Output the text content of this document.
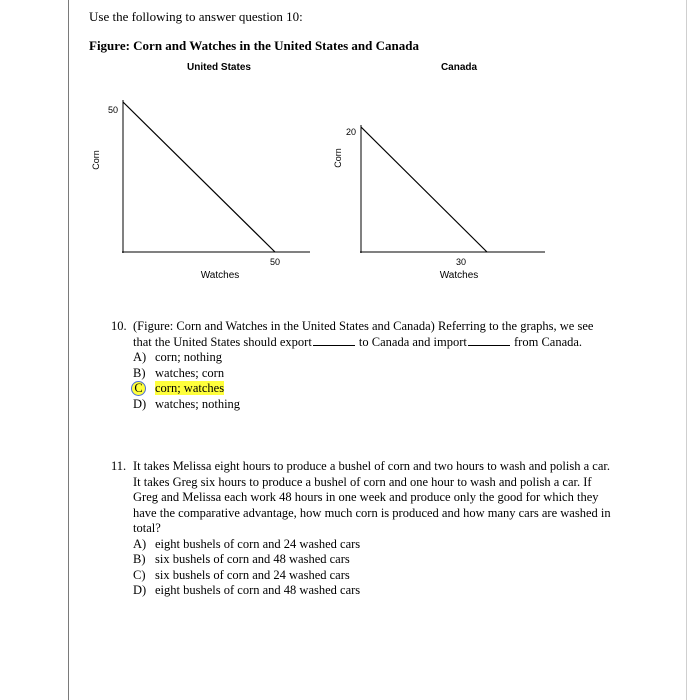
Use the following to answer question 10:
Figure: Corn and Watches in the United States and Canada
United States
50
50
Watches
Corn
Canada
20
30
Watches
Corn
10. (Figure: Corn and Watches in the United States and Canada) Referring to the graphs, we see that the United States should export	to Canada and import	from Canada.

A) corn; nothing
B) watches; corn
C corn; watches
D) watches; nothing
11. It takes Melissa eight hours to produce a bushel of corn and two hours to wash and polish a car. It takes Greg six hours to produce a bushel of corn and one hour to wash and polish a car. If Greg and Melissa each work 48 hours in one week and produce only the good for which they have the comparative advantage, how much corn is produced and how many cars are washed in total?

A) eight bushels of corn and 24 washed cars
B) six bushels of corn and 48 washed cars
C) six bushels of corn and 24 washed cars
D) eight bushels of corn and 48 washed cars
